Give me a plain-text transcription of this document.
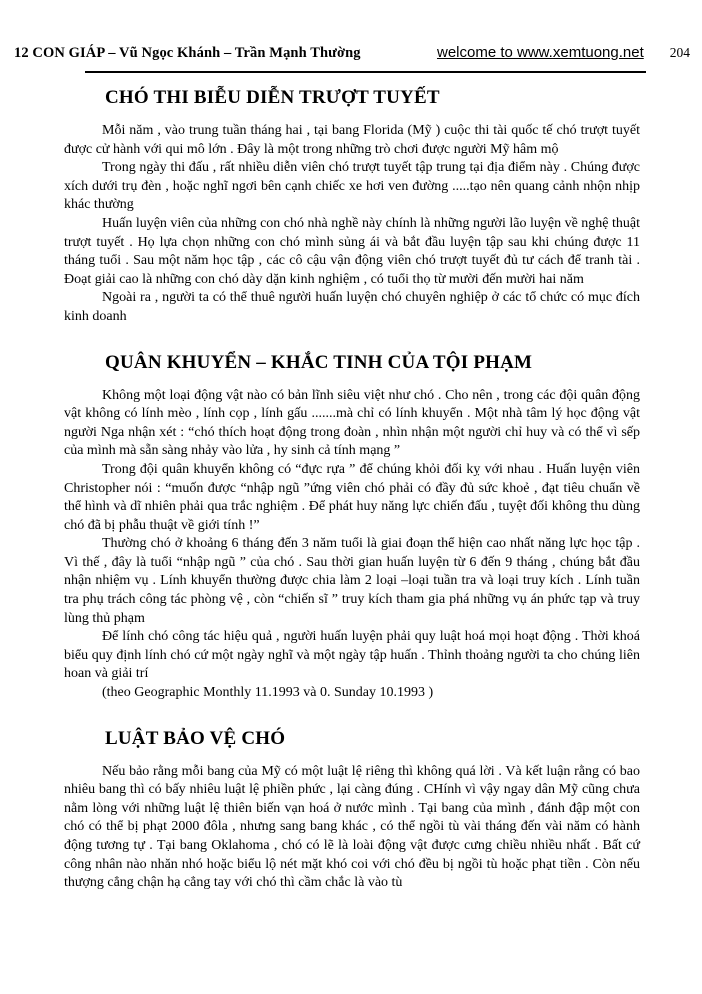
12 CON GIÁP – Vũ Ngọc Khánh – Trần Mạnh Thường	welcome to www.xemtuong.net 204
CHÓ THI BIỄU DIỄN TRƯỢT TUYẾT

Mỗi năm , vào trung tuần tháng hai , tại bang Florida (Mỹ ) cuộc thi tài quốc tế chó trượt tuyết được cử hành với qui mô lớn . Đây là một trong những trò chơi được người Mỹ hâm mộ

Trong ngày thi đấu , rất nhiều diễn viên chó trượt tuyết tập trung tại địa điểm này . Chúng được xích dưới trụ đèn , hoặc nghĩ ngơi bên cạnh chiếc xe hơi ven đường .....tạo nên quang cảnh nhộn nhịp khác thường

Huấn luyện viên của những con chó nhà nghề này chính là những người lão luyện về nghệ thuật trượt tuyết . Họ lựa chọn những con chó mình sủng ái và bắt đầu luyện tập sau khi chúng được 11 tháng tuổi . Sau một năm học tập , các cô cậu vận động viên chó trượt tuyết đủ tư cách để tranh tài . Đoạt giải cao là những con chó dày dặn kinh nghiệm , có tuổi thọ từ mười đến mười hai năm

Ngoài ra , người ta có thể thuê người huấn luyện chó chuyên nghiệp ở các tổ chức có mục đích kinh doanh

QUÂN KHUYỂN – KHẮC TINH CỦA TỘI PHẠM

Không một loại động vật nào có bản lĩnh siêu việt như chó . Cho nên , trong các đội quân động vật không có lính mèo , lính cọp , lính gấu .......mà chỉ có lính khuyển . Một nhà tâm lý học động vật người Nga nhận xét : “chó thích hoạt động trong đoàn , nhìn nhận một người chỉ huy và có thể vì sếp của mình mà sẵn sàng nhảy vào lửa , hy sinh cả tính mạng ”

Trong đội quân khuyển không có “đực rựa ” để chúng khỏi đối kỵ với nhau . Huấn luyện viên Christopher nói : “muốn được “nhập ngũ ”ứng viên chó phải có đầy đủ sức khoẻ , đạt tiêu chuẩn về thể hình và dĩ nhiên phải qua trắc nghiệm . Để phát huy năng lực chiến đấu , tuyệt đối không thu dùng chó đã bị phẫu thuật về giới tính !”

Thường chó ở khoảng 6 tháng đến 3 năm tuổi là giai đoạn thể hiện cao nhất năng lực học tập . Vì thế , đây là tuổi “nhập ngũ ” của chó . Sau thời gian huấn luyện từ 6 đến 9 tháng , chúng bắt đầu nhận nhiệm vụ . Lính khuyển thường được chia làm 2 loại –loại tuần tra và loại truy kích . Lính tuần tra phụ trách công tác phòng vệ , còn “chiến sĩ ” truy kích tham gia phá những vụ án phức tạp và truy lùng thủ phạm

Để lính chó công tác hiệu quả , người huấn luyện phải quy luật hoá mọi hoạt động . Thời khoá biểu quy định lính chó cứ một ngày nghĩ và một ngày tập huấn . Thỉnh thoảng người ta cho chúng liên hoan và giải trí

(theo Geographic Monthly 11.1993 và 0. Sunday 10.1993 )

LUẬT BẢO VỆ CHÓ

Nếu bảo rằng mỗi bang của Mỹ có một luật lệ riêng thì không quá lời . Và kết luận rằng có bao nhiêu bang thì có bấy nhiêu luật lệ phiền phức , lại càng đúng . CHính vì vậy ngay dân Mỹ cũng chưa nằm lòng với những luật lệ thiên biến vạn hoá ở nước mình . Tại bang của mình , đánh đập một con chó có thể bị phạt 2000 đôla , nhưng sang bang khác , có thể ngồi tù vài tháng đến vài năm có hành động tương tự . Tại bang Oklahoma , chó có lẽ là loài động vật được cưng chiều nhiều nhất . Bất cứ công nhân nào nhăn nhó hoặc biểu lộ nét mặt khó coi với chó đều bị ngồi tù hoặc phạt tiền . Còn nếu thượng cẳng chận hạ cẳng tay với chó thì cầm chắc là vào tù
